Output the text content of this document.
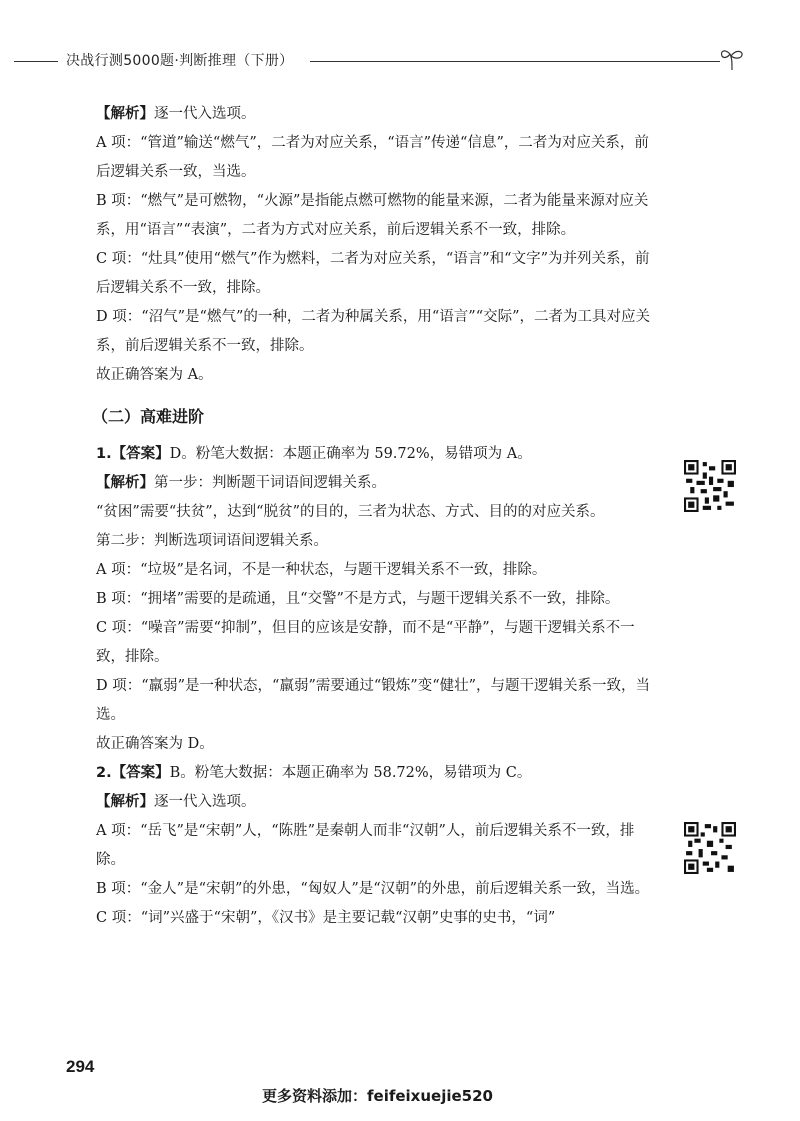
决战行测5000题·判断推理（下册）
【解析】逐一代入选项。
A 项：“管道”输送“燃气”，二者为对应关系，“语言”传递“信息”，二者为对应关系，前后逻辑关系一致，当选。
B 项：“燃气”是可燃物，“火源”是指能点燃可燃物的能量来源，二者为能量来源对应关系，用“语言”“表演”，二者为方式对应关系，前后逻辑关系不一致，排除。
C 项：“灶具”使用“燃气”作为燃料，二者为对应关系，“语言”和“文字”为并列关系，前后逻辑关系不一致，排除。
D 项：“沼气”是“燃气”的一种，二者为种属关系，用“语言”“交际”，二者为工具对应关系，前后逻辑关系不一致，排除。
故正确答案为 A。
（二）高难进阶
1.【答案】D。粉笔大数据：本题正确率为 59.72%，易错项为 A。
【解析】第一步：判断题干词语间逻辑关系。
“贫困”需要“扶贫”，达到“脱贫”的目的，三者为状态、方式、目的的对应关系。
第二步：判断选项词语间逻辑关系。
A 项：“垃圾”是名词，不是一种状态，与题干逻辑关系不一致，排除。
B 项：“拥堵”需要的是疏通，且“交警”不是方式，与题干逻辑关系不一致，排除。
C 项：“噪音”需要“抑制”，但目的应该是安静，而不是“平静”，与题干逻辑关系不一致，排除。
D 项：“羸弱”是一种状态，“羸弱”需要通过“锻炼”变“健壮”，与题干逻辑关系一致，当选。
故正确答案为 D。
2.【答案】B。粉笔大数据：本题正确率为 58.72%，易错项为 C。
【解析】逐一代入选项。
A 项：“岳飞”是“宋朝”人，“陈胜”是秦朝人而非“汉朝”人，前后逻辑关系不一致，排除。
B 项：“金人”是“宋朝”的外患，“匈奴人”是“汉朝”的外患，前后逻辑关系一致，当选。
C 项：“词”兴盛于“宋朝”，《汉书》是主要记载“汉朝”史事的史书，“词”
294
更多资料添加：feifeixuejie520
